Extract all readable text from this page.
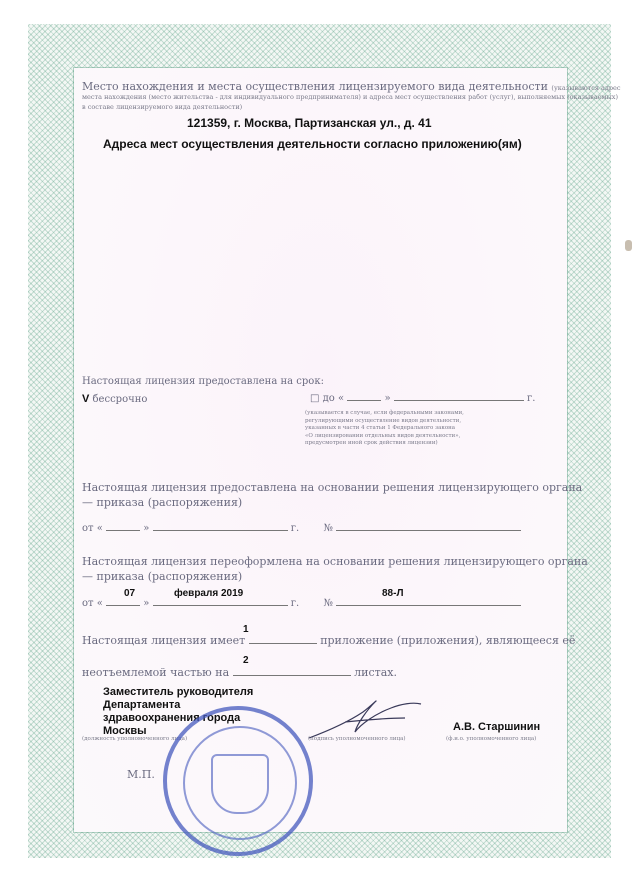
Место нахождения и места осуществления лицензируемого вида деятельности (указываются адрес
места нахождения (место жительства - для индивидуального предпринимателя) и адреса мест осуществления работ (услуг), выполняемых (оказываемых)
в составе лицензируемого вида деятельности)
121359, г. Москва, Партизанская ул., д. 41
Адреса мест осуществления деятельности согласно приложению(ям)
Настоящая лицензия предоставлена на срок:
V бессрочно	□ до «	»	г.
(указывается в случае, если федеральными законами,
регулирующими осуществление видов деятельности,
указанных в части 4 статьи 1 Федерального закона
«О лицензировании отдельных видов деятельности»,
предусмотрен иной срок действия лицензии)
Настоящая лицензия предоставлена на основании решения лицензирующего органа
— приказа (распоряжения)
от «	»	г. №
Настоящая лицензия переоформлена на основании решения лицензирующего органа
— приказа (распоряжения)
07	февраля 2019	88-Л
от «	»	г. №
1
Настоящая лицензия имеет	приложение (приложения), являющееся её
2
неотъемлемой частью на	листах.
Заместитель руководителя
Департамента
здравоохранения города
Москвы
(должность уполномоченного лица)	(подпись уполномоченного лица)	(ф.и.о. уполномоченного лица)
А.В. Старшинин
М.П.
